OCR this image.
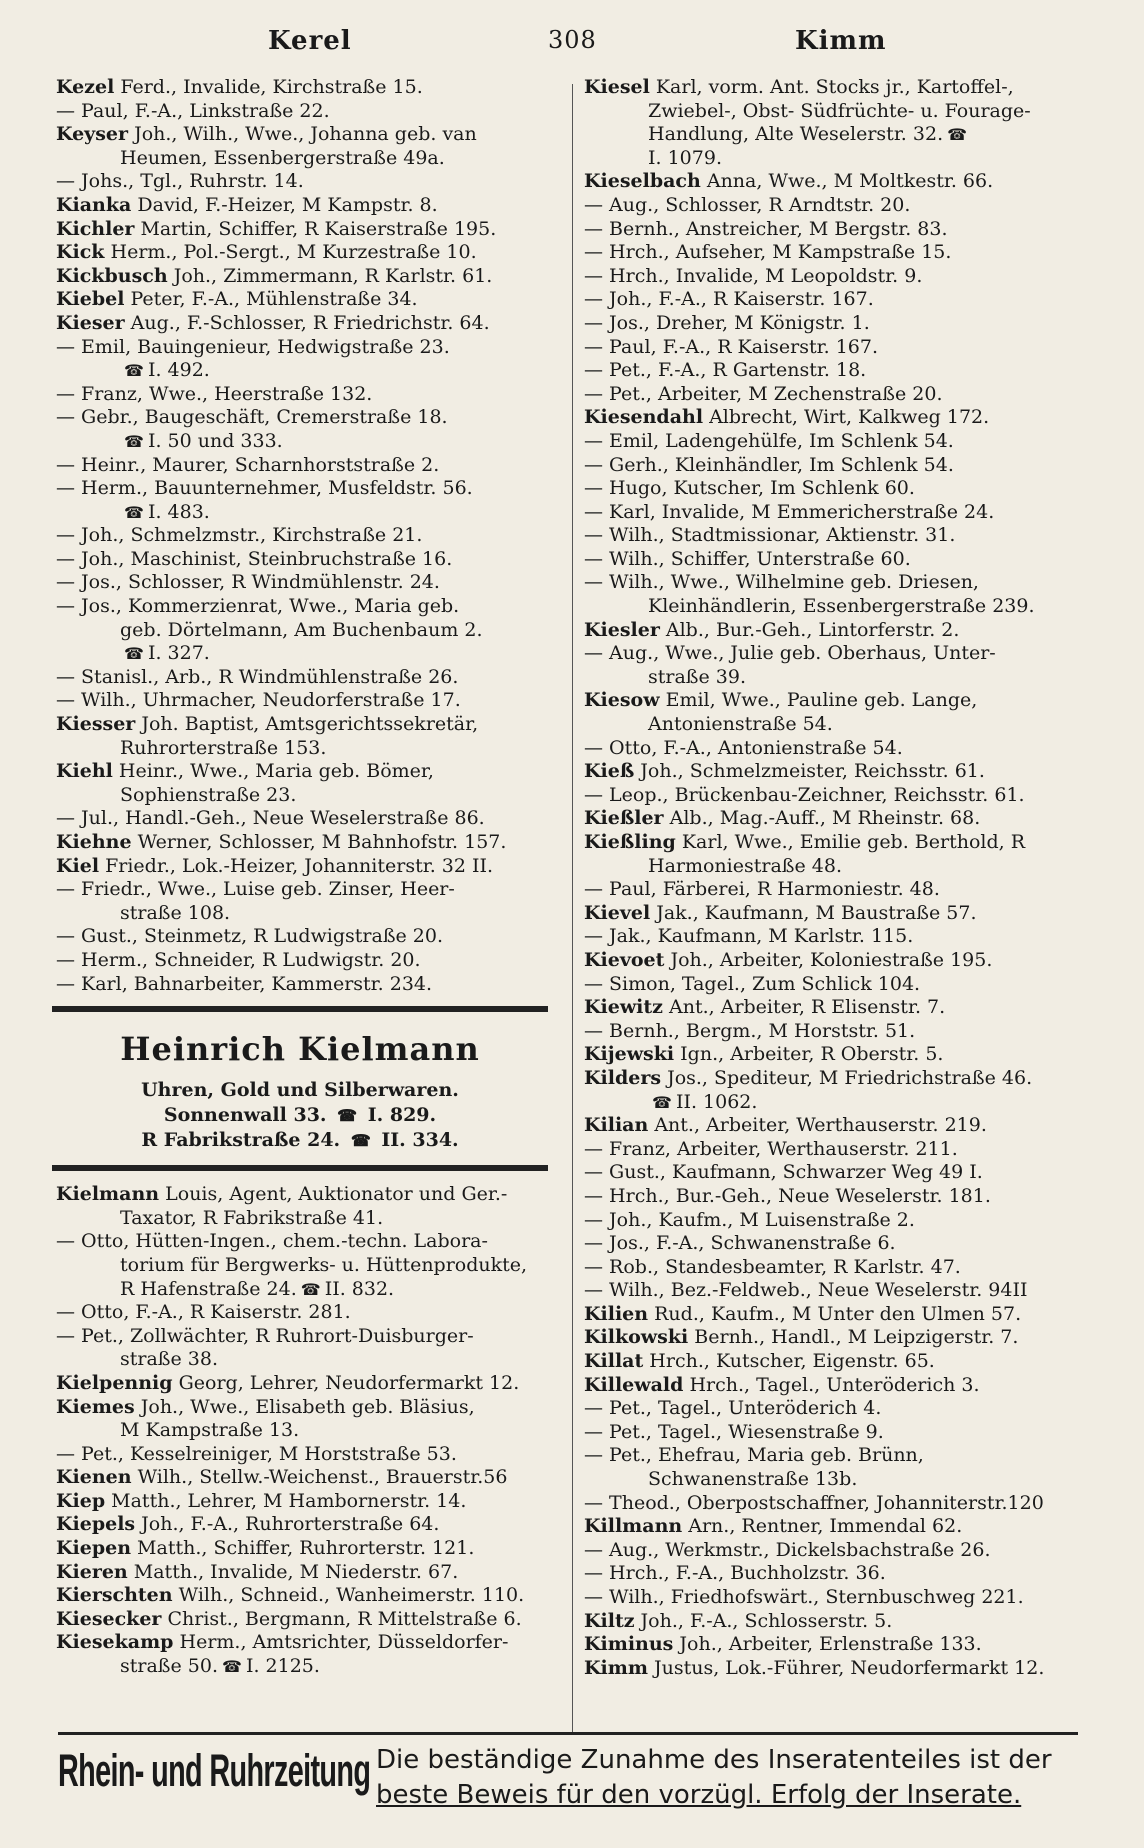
Kerel	308	Kimm
Kezel Ferd., Invalide, Kirchstraße 15.
— Paul, F.-A., Linkstraße 22.
Keyser Joh., Wilh., Wwe., Johanna geb. van
Heumen, Essenbergerstraße 49a.
— Johs., Tgl., Ruhrstr. 14.
Kianka David, F.-Heizer, M Kampstr. 8.
Kichler Martin, Schiffer, R Kaiserstraße 195.
Kick Herm., Pol.-Sergt., M Kurzestraße 10.
Kickbusch Joh., Zimmermann, R Karlstr. 61.
Kiebel Peter, F.-A., Mühlenstraße 34.
Kieser Aug., F.-Schlosser, R Friedrichstr. 64.
— Emil, Bauingenieur, Hedwigstraße 23.
☎ I. 492.
— Franz, Wwe., Heerstraße 132.
— Gebr., Baugeschäft, Cremerstraße 18.
☎ I. 50 und 333.
— Heinr., Maurer, Scharnhorststraße 2.
— Herm., Bauunternehmer, Musfeldstr. 56.
☎ I. 483.
— Joh., Schmelzmstr., Kirchstraße 21.
— Joh., Maschinist, Steinbruchstraße 16.
— Jos., Schlosser, R Windmühlenstr. 24.
— Jos., Kommerzienrat, Wwe., Maria geb.
geb. Dörtelmann, Am Buchenbaum 2.
☎ I. 327.
— Stanisl., Arb., R Windmühlenstraße 26.
— Wilh., Uhrmacher, Neudorferstraße 17.
Kiesser Joh. Baptist, Amtsgerichtssekretär,
Ruhrorterstraße 153.
Kiehl Heinr., Wwe., Maria geb. Bömer,
Sophienstraße 23.
— Jul., Handl.-Geh., Neue Weselerstraße 86.
Kiehne Werner, Schlosser, M Bahnhofstr. 157.
Kiel Friedr., Lok.-Heizer, Johanniterstr. 32 II.
— Friedr., Wwe., Luise geb. Zinser, Heer-
straße 108.
— Gust., Steinmetz, R Ludwigstraße 20.
— Herm., Schneider, R Ludwigstr. 20.
— Karl, Bahnarbeiter, Kammerstr. 234.
Heinrich Kielmann
Uhren, Gold und Silberwaren.
Sonnenwall 33. ☎ I. 829.
R Fabrikstraße 24. ☎ II. 334.
Kielmann Louis, Agent, Auktionator und Ger.-
Taxator, R Fabrikstraße 41.
— Otto, Hütten-Ingen., chem.-techn. Labora-
torium für Bergwerks- u. Hüttenprodukte,
R Hafenstraße 24. ☎ II. 832.
— Otto, F.-A., R Kaiserstr. 281.
— Pet., Zollwächter, R Ruhrort-Duisburger-
straße 38.
Kielpennig Georg, Lehrer, Neudorfermarkt 12.
Kiemes Joh., Wwe., Elisabeth geb. Bläsius,
M Kampstraße 13.
— Pet., Kesselreiniger, M Horststraße 53.
Kienen Wilh., Stellw.-Weichenst., Brauerstr.56
Kiep Matth., Lehrer, M Hambornerstr. 14.
Kiepels Joh., F.-A., Ruhrorterstraße 64.
Kiepen Matth., Schiffer, Ruhrorterstr. 121.
Kieren Matth., Invalide, M Niederstr. 67.
Kierschten Wilh., Schneid., Wanheimerstr. 110.
Kiesecker Christ., Bergmann, R Mittelstraße 6.
Kiesekamp Herm., Amtsrichter, Düsseldorfer-
straße 50. ☎ I. 2125.
Kiesel Karl, vorm. Ant. Stocks jr., Kartoffel-,
Zwiebel-, Obst- Südfrüchte- u. Fourage-
Handlung, Alte Weselerstr. 32. ☎
I. 1079.
Kieselbach Anna, Wwe., M Moltkestr. 66.
— Aug., Schlosser, R Arndtstr. 20.
— Bernh., Anstreicher, M Bergstr. 83.
— Hrch., Aufseher, M Kampstraße 15.
— Hrch., Invalide, M Leopoldstr. 9.
— Joh., F.-A., R Kaiserstr. 167.
— Jos., Dreher, M Königstr. 1.
— Paul, F.-A., R Kaiserstr. 167.
— Pet., F.-A., R Gartenstr. 18.
— Pet., Arbeiter, M Zechenstraße 20.
Kiesendahl Albrecht, Wirt, Kalkweg 172.
— Emil, Ladengehülfe, Im Schlenk 54.
— Gerh., Kleinhändler, Im Schlenk 54.
— Hugo, Kutscher, Im Schlenk 60.
— Karl, Invalide, M Emmericherstraße 24.
— Wilh., Stadtmissionar, Aktienstr. 31.
— Wilh., Schiffer, Unterstraße 60.
— Wilh., Wwe., Wilhelmine geb. Driesen,
Kleinhändlerin, Essenbergerstraße 239.
Kiesler Alb., Bur.-Geh., Lintorferstr. 2.
— Aug., Wwe., Julie geb. Oberhaus, Unter-
straße 39.
Kiesow Emil, Wwe., Pauline geb. Lange,
Antonienstraße 54.
— Otto, F.-A., Antonienstraße 54.
Kieß Joh., Schmelzmeister, Reichsstr. 61.
— Leop., Brückenbau-Zeichner, Reichsstr. 61.
Kießler Alb., Mag.-Auff., M Rheinstr. 68.
Kießling Karl, Wwe., Emilie geb. Berthold, R
Harmoniestraße 48.
— Paul, Färberei, R Harmoniestr. 48.
Kievel Jak., Kaufmann, M Baustraße 57.
— Jak., Kaufmann, M Karlstr. 115.
Kievoet Joh., Arbeiter, Koloniestraße 195.
— Simon, Tagel., Zum Schlick 104.
Kiewitz Ant., Arbeiter, R Elisenstr. 7.
— Bernh., Bergm., M Horststr. 51.
Kijewski Ign., Arbeiter, R Oberstr. 5.
Kilders Jos., Spediteur, M Friedrichstraße 46.
☎ II. 1062.
Kilian Ant., Arbeiter, Werthauserstr. 219.
— Franz, Arbeiter, Werthauserstr. 211.
— Gust., Kaufmann, Schwarzer Weg 49 I.
— Hrch., Bur.-Geh., Neue Weselerstr. 181.
— Joh., Kaufm., M Luisenstraße 2.
— Jos., F.-A., Schwanenstraße 6.
— Rob., Standesbeamter, R Karlstr. 47.
— Wilh., Bez.-Feldweb., Neue Weselerstr. 94II
Kilien Rud., Kaufm., M Unter den Ulmen 57.
Kilkowski Bernh., Handl., M Leipzigerstr. 7.
Killat Hrch., Kutscher, Eigenstr. 65.
Killewald Hrch., Tagel., Unteröderich 3.
— Pet., Tagel., Unteröderich 4.
— Pet., Tagel., Wiesenstraße 9.
— Pet., Ehefrau, Maria geb. Brünn,
Schwanenstraße 13b.
— Theod., Oberpostschaffner, Johanniterstr.120
Killmann Arn., Rentner, Immendal 62.
— Aug., Werkmstr., Dickelsbachstraße 26.
— Hrch., F.-A., Buchholzstr. 36.
— Wilh., Friedhofswärt., Sternbuschweg 221.
Kiltz Joh., F.-A., Schlosserstr. 5.
Kiminus Joh., Arbeiter, Erlenstraße 133.
Kimm Justus, Lok.-Führer, Neudorfermarkt 12.
Rhein- und Ruhrzeitung Die beständige Zunahme des Inseratenteiles ist der
beste Beweis für den vorzügl. Erfolg der Inserate.
